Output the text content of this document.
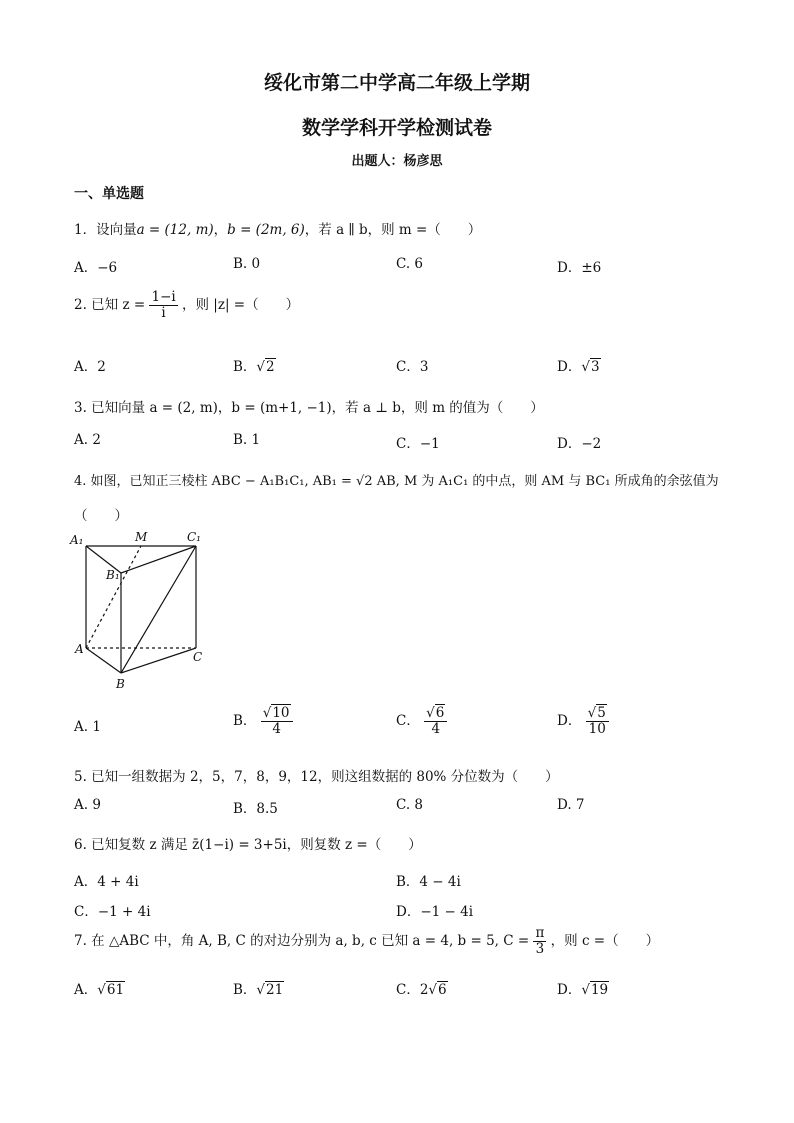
绥化市第二中学高二年级上学期
数学学科开学检测试卷
出题人：杨彦思
一、单选题
1．设向量a = (12, m)，b = (2m, 6)，若 a ∥ b，则 m =（　　）
A．−6	B. 0	C. 6	D．±6
2. 已知 $z = \frac{1-i}{i}$ ，则 |z| =（　　）
A．2	B．√2	C．3	D．√3
3. 已知向量 a = (2, m)，b = (m+1, −1)，若 a ⊥ b，则 m 的值为（　　）
A. 2	B. 1	C．−1	D．−2
4. 如图，已知正三棱柱 ABC − A₁B₁C₁, AB₁ = √2 AB, M 为 A₁C₁ 的中点，则 AM 与 BC₁ 所成角的余弦值为
（　　）
A₁	M	C₁
B₁
A
B
C
A. 1	B． $\frac{√10}{4}$	C． $\frac{√6}{4}$	D． $\frac{√5}{10}$
5. 已知一组数据为 2，5，7，8，9，12，则这组数据的 80% 分位数为（　　）
A. 9	B．8.5	C. 8	D. 7
6. 已知复数 z 满足 z̄(1−i) = 3+5i，则复数 z =（　　）
A．4 + 4i	B．4 − 4i
C．−1 + 4i	D．−1 − 4i
7. 在 △ABC 中，角 A, B, C 的对边分别为 a, b, c 已知 a = 4, b = 5, $C = \frac{\pi}{3}$ ，则 c =（　　）
A．√61	B．√21	C．2√6	D．√19
